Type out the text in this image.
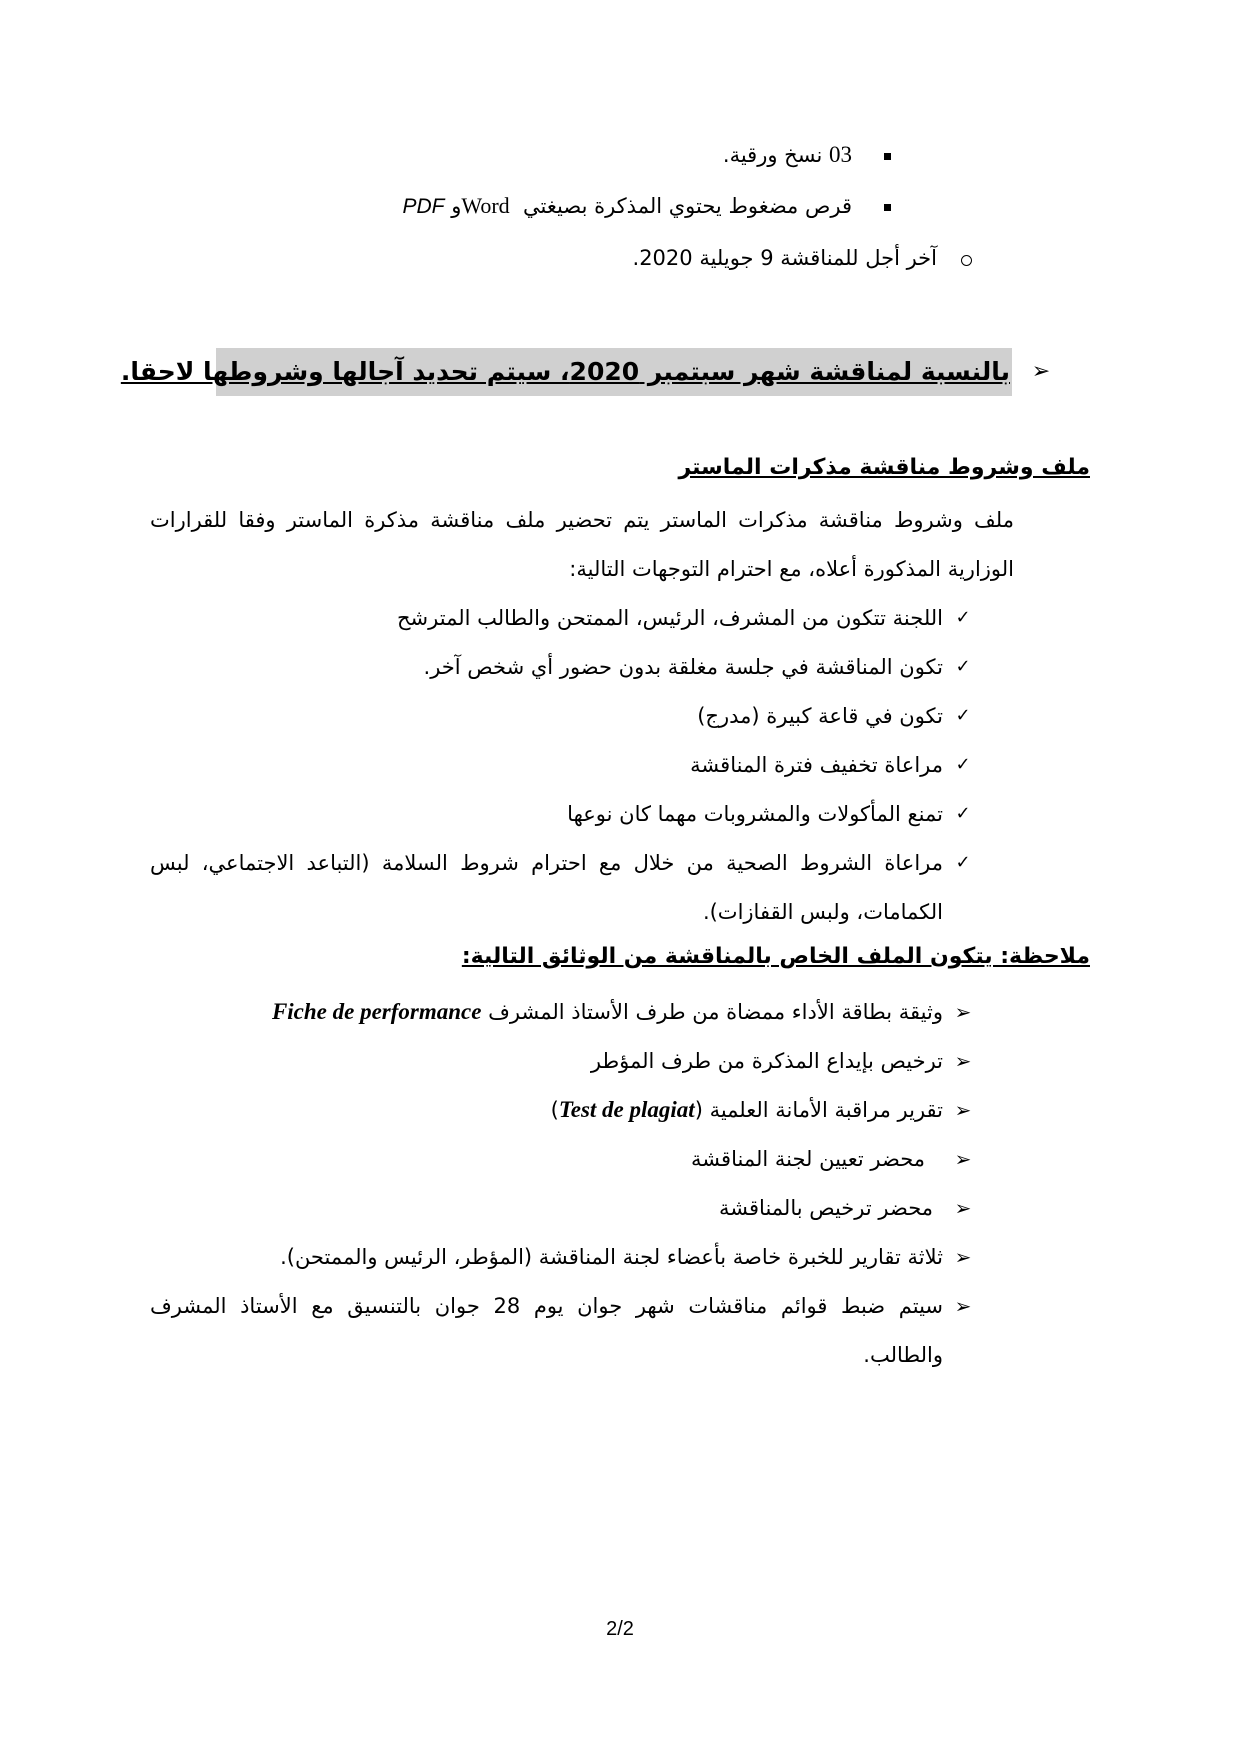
03 نسخ ورقية.
قرص مضغوط يحتوي المذكرة بصيغتي  Wordو PDF
آخر أجل للمناقشة 9 جويلية 2020.
بالنسبة لمناقشة شهر سبتمبر 2020، سيتم تحديد آجالها وشروطها لاحقا. ➢
ملف وشروط مناقشة مذكرات الماستر
ملف وشروط مناقشة مذكرات الماستر يتم تحضير ملف مناقشة مذكرة الماستر وفقا للقرارات
الوزارية المذكورة أعلاه، مع احترام التوجهات التالية:
✓
اللجنة تتكون من المشرف، الرئيس، الممتحن والطالب المترشح
✓
تكون المناقشة في جلسة مغلقة بدون حضور أي شخص آخر.
✓
تكون في قاعة كبيرة (مدرج)
✓
مراعاة تخفيف فترة المناقشة
✓
تمنع المأكولات والمشروبات مهما كان نوعها
✓
مراعاة الشروط الصحية من خلال مع احترام شروط السلامة (التباعد الاجتماعي، لبس
الكمامات، ولبس القفازات).
ملاحظة: يتكون الملف الخاص بالمناقشة من الوثائق التالية:
➢
وثيقة بطاقة الأداء ممضاة من طرف الأستاذ المشرف Fiche de performance
➢
ترخيص بإيداع المذكرة من طرف المؤطر
➢
تقرير مراقبة الأمانة العلمية (Test de plagiat)
➢
محضر تعيين لجنة المناقشة
➢
محضر ترخيص بالمناقشة
➢
ثلاثة تقارير للخبرة خاصة بأعضاء لجنة المناقشة (المؤطر، الرئيس والممتحن).
➢
سيتم ضبط قوائم مناقشات شهر جوان يوم 28 جوان بالتنسيق مع الأستاذ المشرف
والطالب.
2/2
